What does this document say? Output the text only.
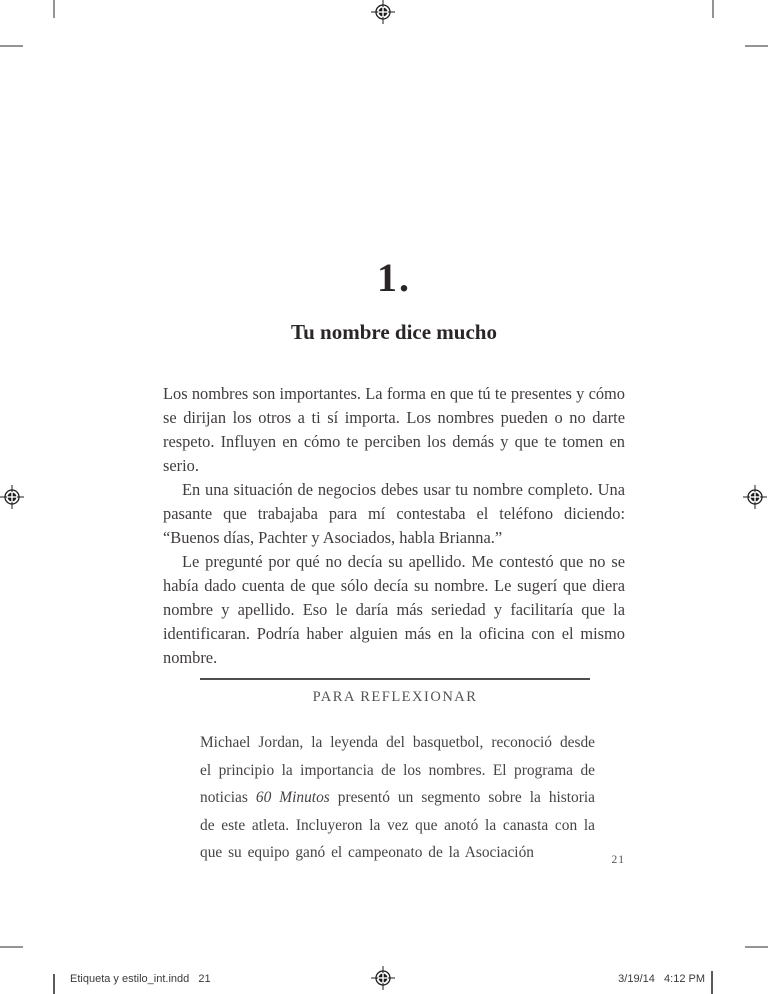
1.
Tu nombre dice mucho

Los nombres son importantes. La forma en que tú te presentes y cómo se dirijan los otros a ti sí importa. Los nombres pueden o no darte respeto. Influyen en cómo te perciben los demás y que te tomen en serio.

En una situación de negocios debes usar tu nombre completo. Una pasante que trabajaba para mí contestaba el teléfono diciendo: “Buenos días, Pachter y Asociados, habla Brianna.”

Le pregunté por qué no decía su apellido. Me contestó que no se había dado cuenta de que sólo decía su nombre. Le sugerí que diera nombre y apellido. Eso le daría más seriedad y facilitaría que la identificaran. Podría haber alguien más en la oficina con el mismo nombre.

PARA REFLEXIONAR
Michael Jordan, la leyenda del basquetbol, reconoció desde el principio la importancia de los nombres. El programa de noticias 60 Minutos presentó un segmento sobre la historia de este atleta. Incluyeron la vez que anotó la canasta con la que su equipo ganó el campeonato de la Asociación	21
Etiqueta y estilo_int.indd   21	3/19/14   4:12 PM
